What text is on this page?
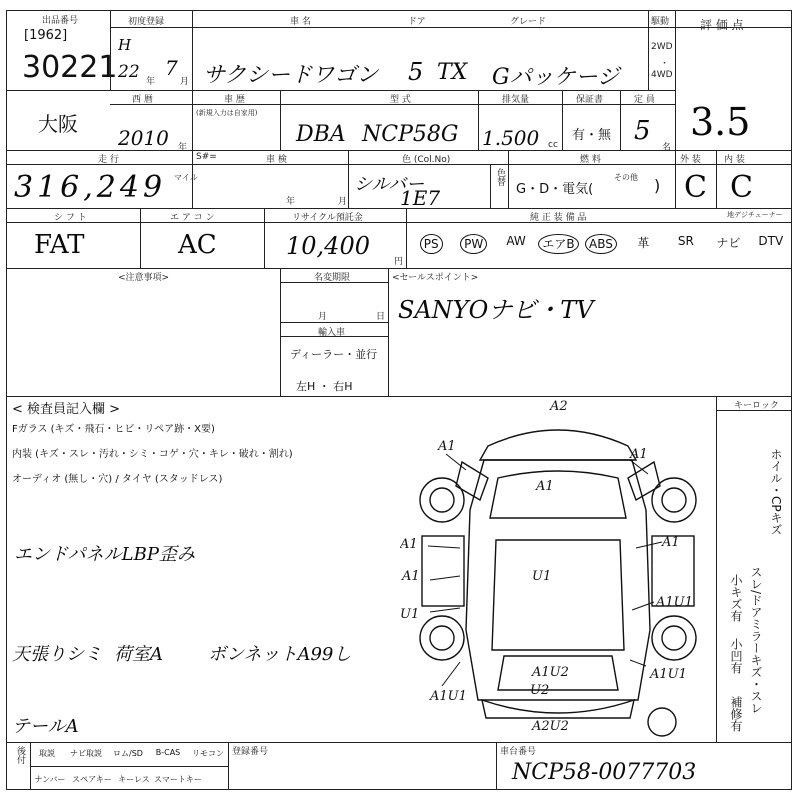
出品番号
[1962]
30221
初度登録
H
22 年
7
月
車 名
サクシードワゴン
ドア
5 TX
グレード
Gパッケージ
駆動
2WD
・
4WD
評 価 点
3.5
大阪
西 暦
2010 年
車 歴
(新規入力は自家用)
型 式
DBA NCP58G
排気量
1.500 cc
保証書
有・無
定 員
5
名
走 行
316,249 マイル
S#=	車 検
年	月
色 (Col.No)
シルバー
1E7
色替
燃 料
G・D・電気(
その他 )
外 装
C
内 装
C
シ フ ト
FAT
エ ア コ ン
AC
リサイクル預託金
10,400
円
純 正 装 備 品	地デジチューナー
PS	PW	AW	エアB	ABS	革	SR	ナビ	DTV
<注意事項>	名変期限
月	日
輸入車
ディーラー・並行
左H ・ 右H
<セールスポイント>
SANYOナビ・TV
< 検査員記入欄 >
Fガラス (キズ・飛石・ヒビ・リペア跡・X要)
内装 (キズ・スレ・汚れ・シミ・コゲ・穴・キレ・破れ・割れ)
オーディオ (無し・穴) / タイヤ (スタッドレス)
エンドパネルLBP歪み
天張りシミ 荷室A	ボンネットA99し
テールA
キーロック
ホイル・CPキズ
スレ/ドアミラーキズ・スレ
小キズ有
小凹有
補修有
A2
A1
A1
A1
A1
A1	U1
U1
A1
A1U1
A1U2
U2
A1U1
A1U1
A2U2
後付	取説	ナビ取説	ロム/SD	B-CAS	リモコン
ナンバー スペアキー キーレス スマートキー
登録番号	車台番号
NCP58-0077703
